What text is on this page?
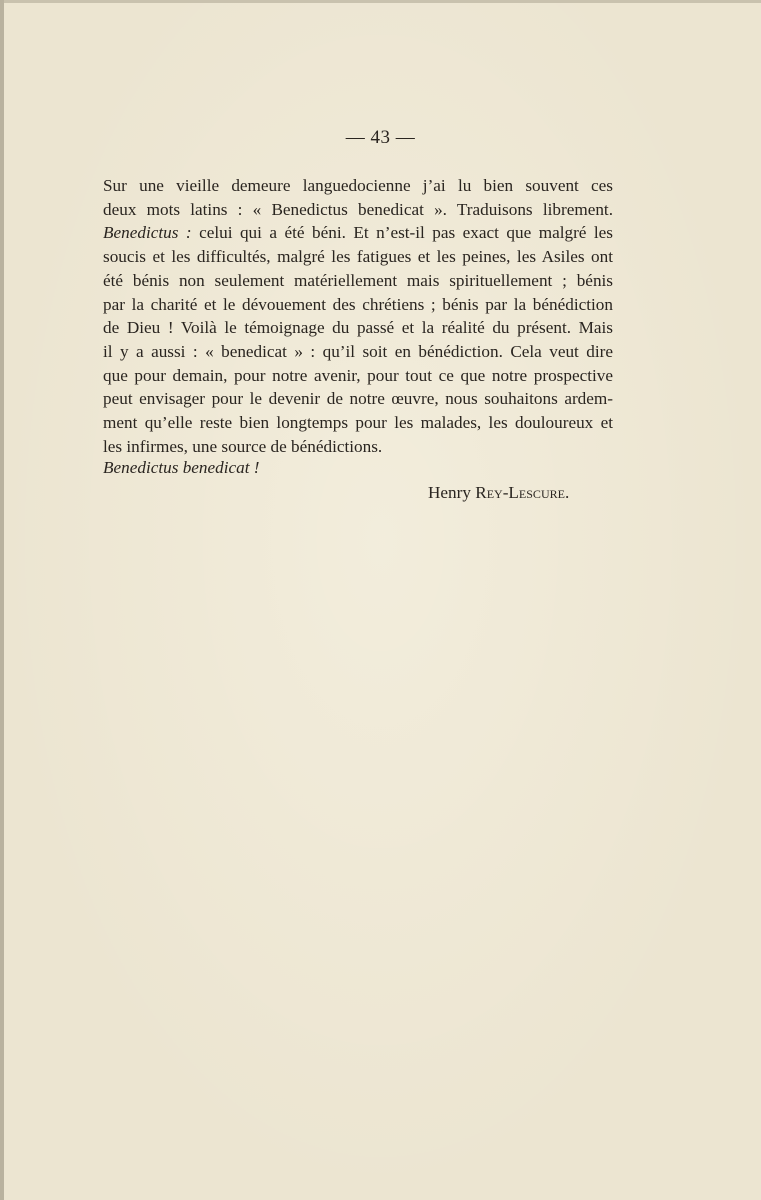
— 43 —
Sur une vieille demeure languedocienne j’ai lu bien souvent ces
deux mots latins : « Benedictus benedicat ». Traduisons librement.
Benedictus : celui qui a été béni. Et n’est-il pas exact que malgré les
soucis et les difficultés, malgré les fatigues et les peines, les Asiles ont
été bénis non seulement matériellement mais spirituellement ; bénis
par la charité et le dévouement des chrétiens ; bénis par la bénédiction
de Dieu ! Voilà le témoignage du passé et la réalité du présent. Mais
il y a aussi : « benedicat » : qu’il soit en bénédiction. Cela veut dire
que pour demain, pour notre avenir, pour tout ce que notre prospective
peut envisager pour le devenir de notre œuvre, nous souhaitons ardem-
ment qu’elle reste bien longtemps pour les malades, les douloureux et
les infirmes, une source de bénédictions.
Benedictus benedicat !
Henry Rey-Lescure.
